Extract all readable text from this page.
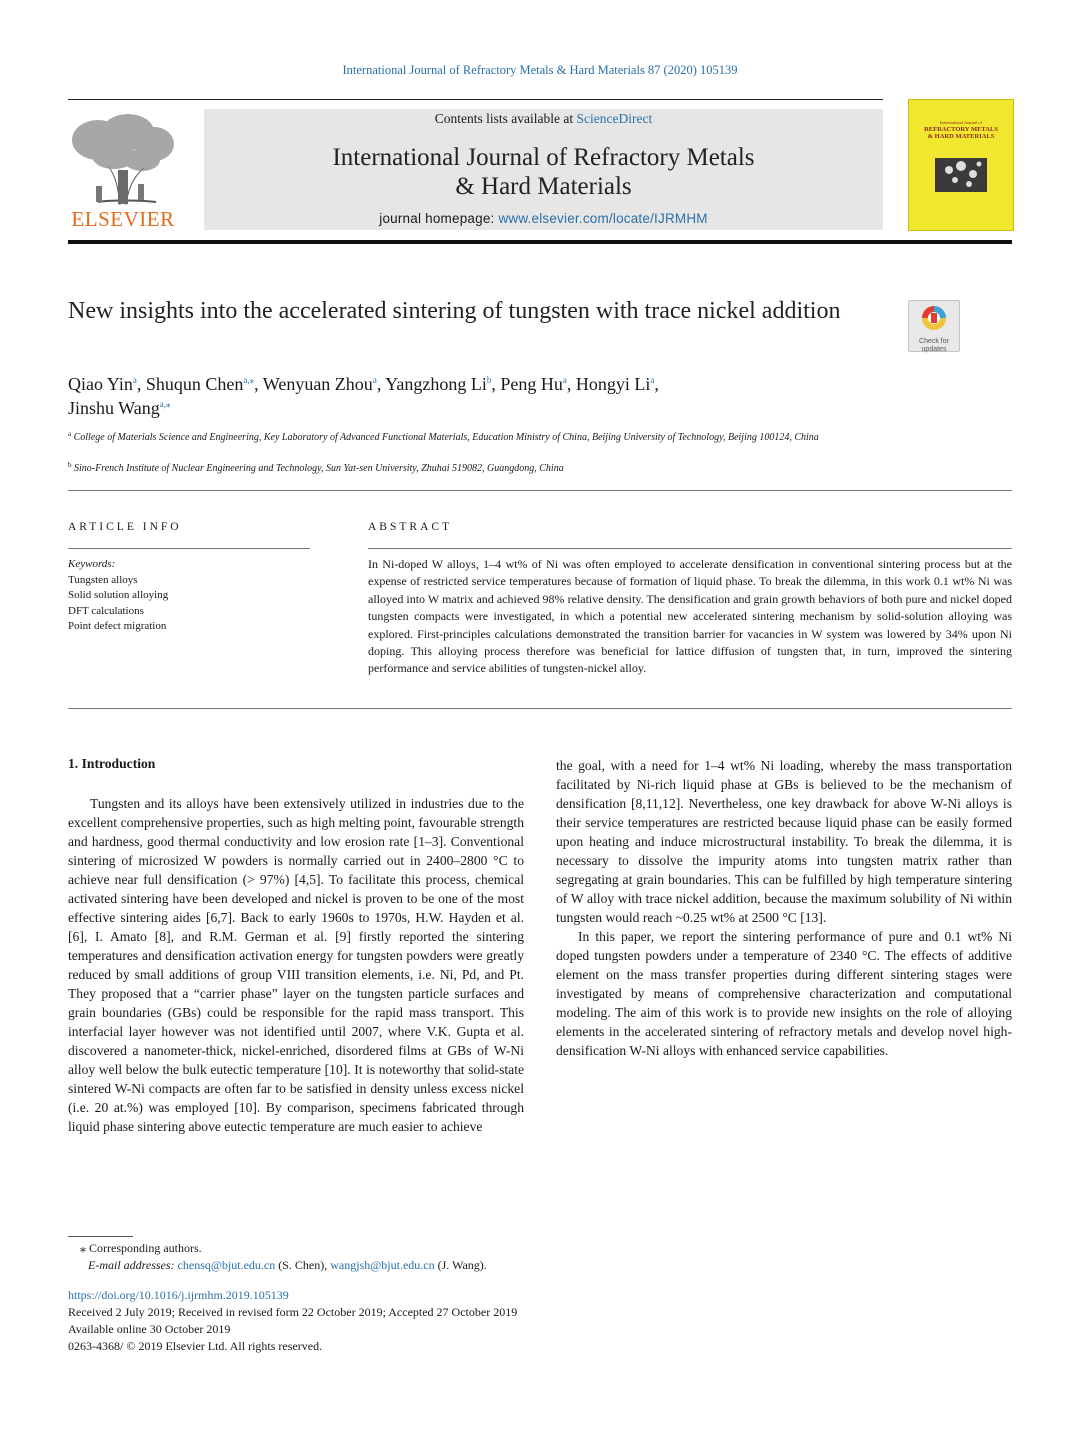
International Journal of Refractory Metals & Hard Materials 87 (2020) 105139
ELSEVIER
Contents lists available at ScienceDirect
International Journal of Refractory Metals
& Hard Materials
journal homepage: www.elsevier.com/locate/IJRMHM
International Journal of
REFRACTORY METALS
& HARD MATERIALS
New insights into the accelerated sintering of tungsten with trace nickel addition
Check for
updates
Qiao Yin$^a$, Shuqun Chen$^{a,⁎}$, Wenyuan Zhou$^a$, Yangzhong Li$^b$, Peng Hu$^a$, Hongyi Li$^a$,
Jinshu Wang$^{a,⁎}$
$^a$ College of Materials Science and Engineering, Key Laboratory of Advanced Functional Materials, Education Ministry of China, Beijing University of Technology, Beijing 100124, China
$^b$ Sino-French Institute of Nuclear Engineering and Technology, Sun Yat-sen University, Zhuhai 519082, Guangdong, China
ARTICLE INFO
Keywords:
Tungsten alloys
Solid solution alloying
DFT calculations
Point defect migration
ABSTRACT
In Ni-doped W alloys, 1–4 wt% of Ni was often employed to accelerate densification in conventional sintering process but at the expense of restricted service temperatures because of formation of liquid phase. To break the dilemma, in this work 0.1 wt% Ni was alloyed into W matrix and achieved 98% relative density. The densification and grain growth behaviors of both pure and nickel doped tungsten compacts were investigated, in which a potential new accelerated sintering mechanism by solid-solution alloying was explored. First-principles calculations demonstrated the transition barrier for vacancies in W system was lowered by 34% upon Ni doping. This alloying process therefore was beneficial for lattice diffusion of tungsten that, in turn, improved the sintering performance and service abilities of tungsten-nickel alloy.
1. Introduction

Tungsten and its alloys have been extensively utilized in industries due to the excellent comprehensive properties, such as high melting point, favourable strength and hardness, good thermal conductivity and low erosion rate [1–3]. Conventional sintering of microsized W powders is normally carried out in 2400–2800 °C to achieve near full densification (> 97%) [4,5]. To facilitate this process, chemical activated sintering have been developed and nickel is proven to be one of the most effective sintering aides [6,7]. Back to early 1960s to 1970s, H.W. Hayden et al. [6], I. Amato [8], and R.M. German et al. [9] firstly reported the sintering temperatures and densification activation energy for tungsten powders were greatly reduced by small additions of group VIII transition elements, i.e. Ni, Pd, and Pt. They proposed that a “carrier phase” layer on the tungsten particle surfaces and grain boundaries (GBs) could be responsible for the rapid mass transport. This interfacial layer however was not identified until 2007, where V.K. Gupta et al. discovered a nanometer-thick, nickel-enriched, disordered films at GBs of W-Ni alloy well below the bulk eutectic temperature [10]. It is noteworthy that solid-state sintered W-Ni compacts are often far to be satisfied in density unless excess nickel (i.e. 20 at.%) was employed [10]. By comparison, specimens fabricated through liquid phase sintering above eutectic temperature are much easier to achieve

the goal, with a need for 1–4 wt% Ni loading, whereby the mass transportation facilitated by Ni-rich liquid phase at GBs is believed to be the mechanism of densification [8,11,12]. Nevertheless, one key drawback for above W-Ni alloys is their service temperatures are restricted because liquid phase can be easily formed upon heating and induce microstructural instability. To break the dilemma, it is necessary to dissolve the impurity atoms into tungsten matrix rather than segregating at grain boundaries. This can be fulfilled by high temperature sintering of W alloy with trace nickel addition, because the maximum solubility of Ni within tungsten would reach ~0.25 wt% at 2500 °C [13].

In this paper, we report the sintering performance of pure and 0.1 wt% Ni doped tungsten powders under a temperature of 2340 °C. The effects of additive element on the mass transfer properties during different sintering stages were investigated by means of comprehensive characterization and computational modeling. The aim of this work is to provide new insights on the role of alloying elements in the accelerated sintering of refractory metals and develop novel high-densification W-Ni alloys with enhanced service capabilities.

⁎ Corresponding authors.
E-mail addresses: chensq@bjut.edu.cn (S. Chen), wangjsh@bjut.edu.cn (J. Wang).
https://doi.org/10.1016/j.ijrmhm.2019.105139
Received 2 July 2019; Received in revised form 22 October 2019; Accepted 27 October 2019
Available online 30 October 2019
0263-4368/ © 2019 Elsevier Ltd. All rights reserved.
